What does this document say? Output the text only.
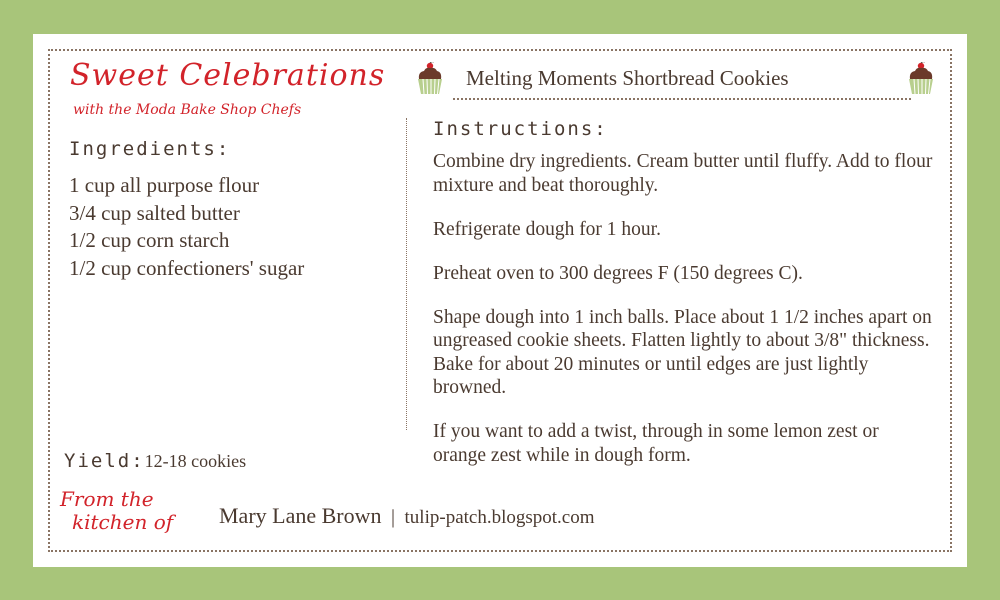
Sweet Celebrations
with the Moda Bake Shop Chefs
Melting Moments Shortbread Cookies
Ingredients:
1 cup all purpose flour
3/4 cup salted butter
1/2 cup corn starch
1/2 cup confectioners' sugar
Instructions:

Combine dry ingredients. Cream butter until fluffy. Add to flour mixture and beat thoroughly.

Refrigerate dough for 1 hour.

Preheat oven to 300 degrees F (150 degrees C).

Shape dough into 1 inch balls. Place about 1 1/2 inches apart on ungreased cookie sheets. Flatten lightly to about 3/8" thickness. Bake for about 20 minutes or until edges are just lightly browned.

If you want to add a twist, through in some lemon zest or orange zest while in dough form.

Yield:12-18 cookies
From the
kitchen of	Mary Lane Brown | tulip-patch.blogspot.com
